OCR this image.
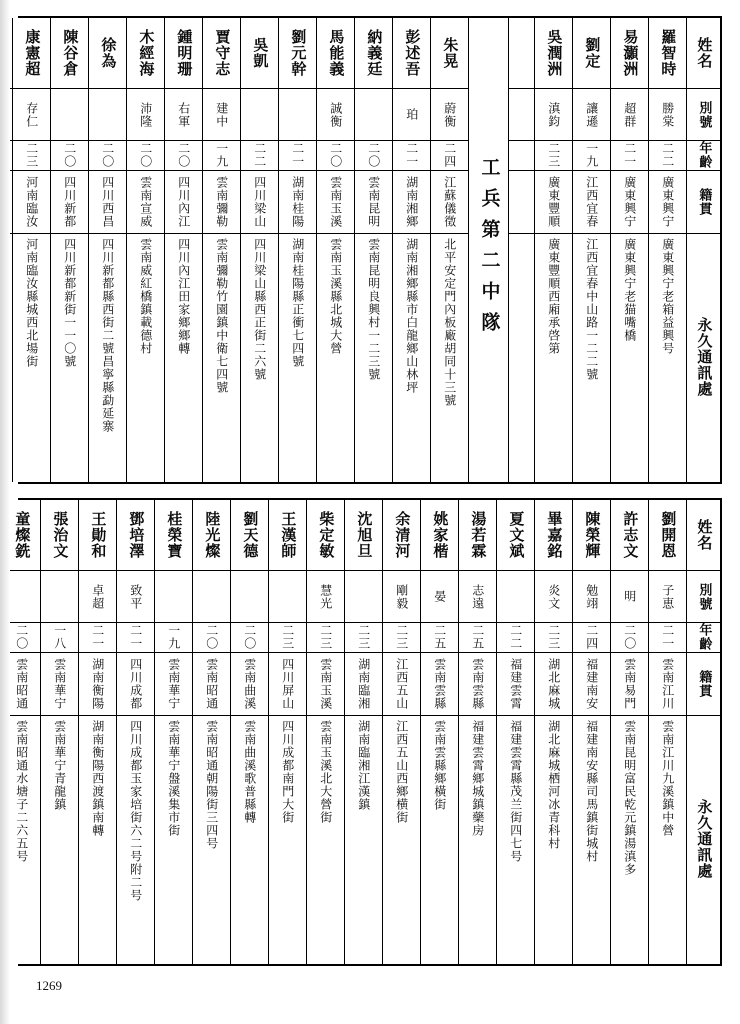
姓名
別號
年齡
籍貫
永久通訊處
羅智時
勝棠
二二
廣東興宁
廣東興宁老箱益興号
易灝洲
超群
二一
廣東興宁
廣東興宁老猫嘴橋
劉定
讓遜
一九
江西宜春
江西宜春中山路一二二號
吳潤洲
滇鈞
二三
廣東豐順
廣東豐順西廂承啓第
工兵第二中隊
朱晃
蔚衡
二四
江蘇儀徵
北平安定門內板廠胡同十三號
彭述吾
珀
二一
湖南湘鄉
湖南湘鄉縣市白龍鄉山林坪
納義廷
二〇
雲南昆明
雲南昆明良興村一二三號
馬能義
誠衡
二〇
雲南玉溪
雲南玉溪縣北城大營
劉元幹
二一
湖南桂陽
湖南桂陽縣正衝七四號
吳凱
二二
四川梁山
四川梁山縣西正街二六號
賈守志
建中
一九
雲南彌勒
雲南彌勒竹園鎮中衛七四號
鍾明珊
右軍
二〇
四川內江
四川內江田家鄉鄉轉
木經海
沛隆
二〇
雲南宣威
雲南威紅橋鎮載德村
徐為
二〇
四川西昌
四川新都縣西街二號昌寧縣勐延寨
陳谷倉
二〇
四川新都
四川新都新街一一〇號
康憲超
存仁
二三
河南臨汝
河南臨汝縣城西北場街
姓名
別號
年齡
籍貫
永久通訊處
劉開恩
子恵
二一
雲南江川
雲南江川九溪鎮中營
許志文
明
二〇
雲南易門
雲南昆明富民乾元鎮湯滇多
陳榮輝
勉翊
二四
福建南安
福建南安縣司馬鎮街城村
畢嘉銘
炎文
二三
湖北麻城
湖北麻城栖河冰青科村
夏文斌
二二
福建雲霄
福建雲霄縣茂兰街四七号
湯若霖
志遠
二五
雲南雲縣
福建雲霄鄉城鎮藥房
姚家楷
晏
二五
雲南雲縣
雲南雲縣鄉橫街
余清河
剛毅
二三
江西五山
江西五山西鄉横街
沈旭旦
二三
湖南臨湘
湖南臨湘江漢鎮
柴定敏
慧光
二三
雲南玉溪
雲南玉溪北大營街
王漢師
二三
四川屏山
四川成都南門大街
劉天德
二〇
雲南曲溪
雲南曲溪歌普縣轉
陸光燦
二〇
雲南昭通
雲南昭通朝陽街三四号
桂榮寶
一九
雲南華宁
雲南華宁盤溪集市街
鄧培澤
致平
二一
四川成都
四川成都玉家培街六二号附二号
王勛和
卓超
二一
湖南衡陽
湖南衡陽西渡鎮南轉
張治文
一八
雲南華宁
雲南華宁青龍鎮
童燦銑
二〇
雲南昭通
雲南昭通水塘子二六五号
1269
